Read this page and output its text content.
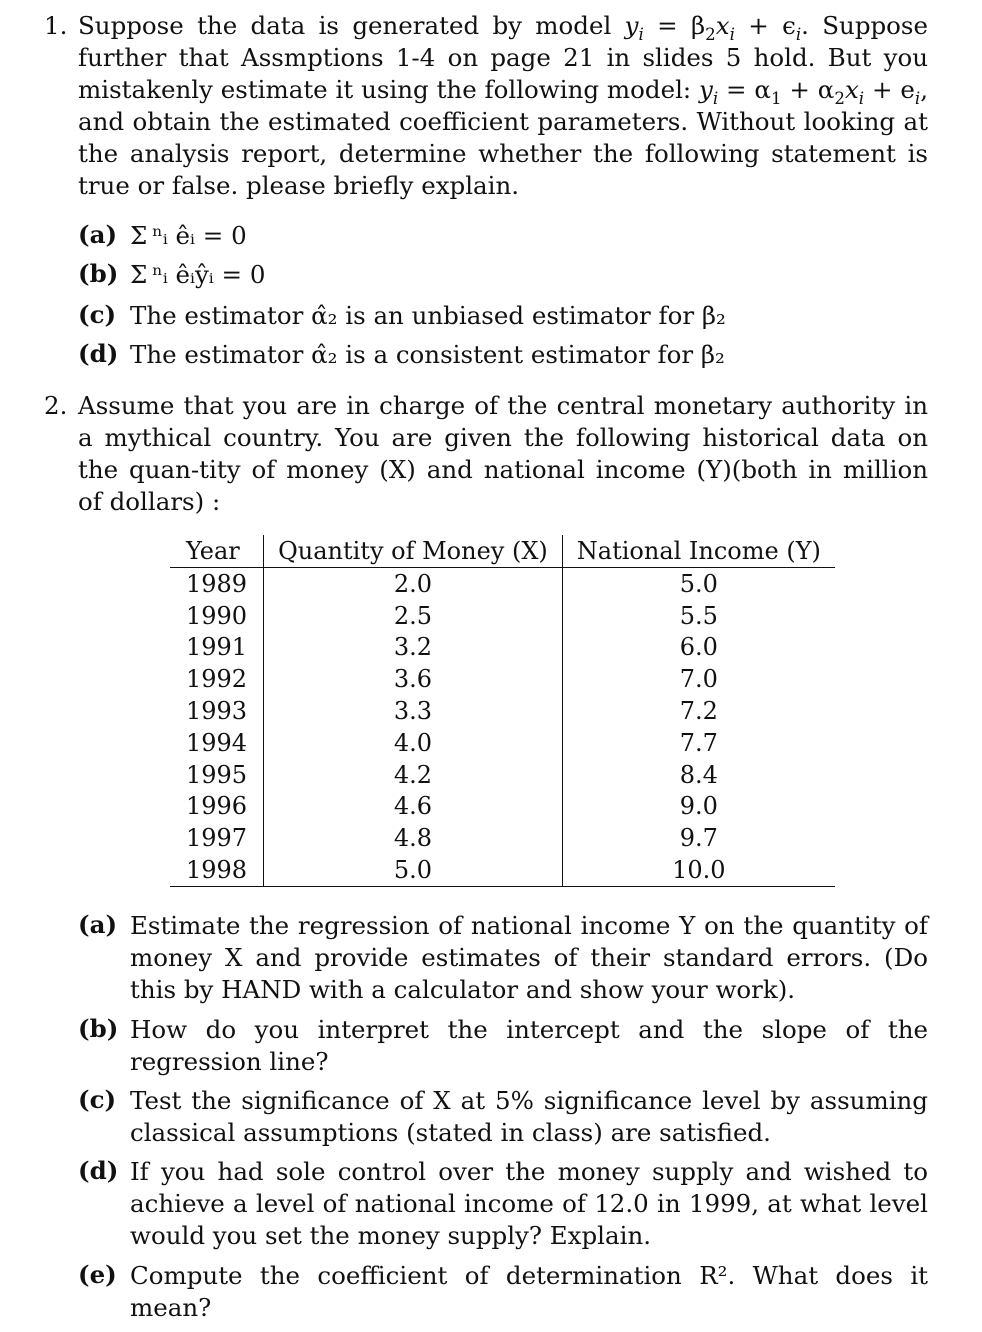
1. Suppose the data is generated by model $y_i = \beta_2x_i + \epsilon_i$. Suppose further that Assmptions 1-4 on page 21 in slides 5 hold. But you mistakenly estimate it using the following model: $y_i = \alpha_1 + \alpha_2x_i + e_i$, and obtain the estimated coefficient parameters. Without looking at the analysis report, determine whether the following statement is true or false. please briefly explain.
(a) Σ ⁿᵢ êᵢ = 0
(b) Σ ⁿᵢ êᵢŷᵢ = 0
(c) The estimator α̂₂ is an unbiased estimator for β₂
(d) The estimator α̂₂ is a consistent estimator for β₂
2. Assume that you are in charge of the central monetary authority in a mythical country. You are given the following historical data on the quan-tity of money (X) and national income (Y)(both in million of dollars) :
Year	Quantity of Money (X)	National Income (Y)
1989	2.0	5.0
1990	2.5	5.5
1991	3.2	6.0
1992	3.6	7.0
1993	3.3	7.2
1994	4.0	7.7
1995	4.2	8.4
1996	4.6	9.0
1997	4.8	9.7
1998	5.0	10.0
(a) Estimate the regression of national income Y on the quantity of money X and provide estimates of their standard errors. (Do this by HAND with a calculator and show your work).
(b) How do you interpret the intercept and the slope of the regression line?
(c) Test the significance of X at 5% significance level by assuming classical assumptions (stated in class) are satisfied.
(d) If you had sole control over the money supply and wished to achieve a level of national income of 12.0 in 1999, at what level would you set the money supply? Explain.
(e) Compute the coefficient of determination R². What does it mean?
